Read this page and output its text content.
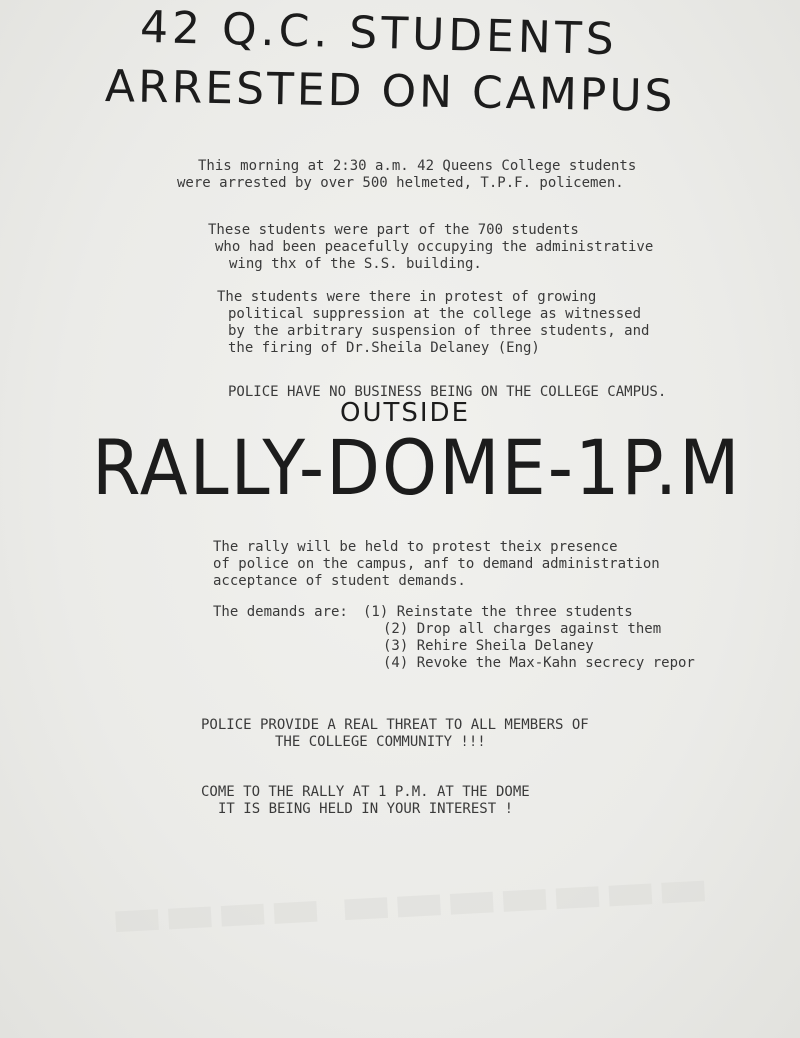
▬▬▬▬ ▬▬▬▬▬▬▬
42 Q.C. STUDENTS
ARRESTED ON CAMPUS
This morning at 2:30 a.m. 42 Queens College students
were arrested by over 500 helmeted, T.P.F. policemen.
These students were part of the 700 students
who had been peacefully occupying the administrative
wing thx of the S.S. building.
The students were there in protest of growing
political suppression at the college as witnessed
by the arbitrary suspension of three students, and
the firing of Dr.Sheila Delaney (Eng)
POLICE HAVE NO BUSINESS BEING ON THE COLLEGE CAMPUS.
OUTSIDE
RALLY-DOME-1P.M
The rally will be held to protest theix presence
of police on the campus, anf to demand administration
acceptance of student demands.
The demands are: (1) Reinstate the three students
(2) Drop all charges against them
(3) Rehire Sheila Delaney
(4) Revoke the Max-Kahn secrecy repor
POLICE PROVIDE A REAL THREAT TO ALL MEMBERS OF
THE COLLEGE COMMUNITY !!!
COME TO THE RALLY AT 1 P.M. AT THE DOME
IT IS BEING HELD IN YOUR INTEREST !
